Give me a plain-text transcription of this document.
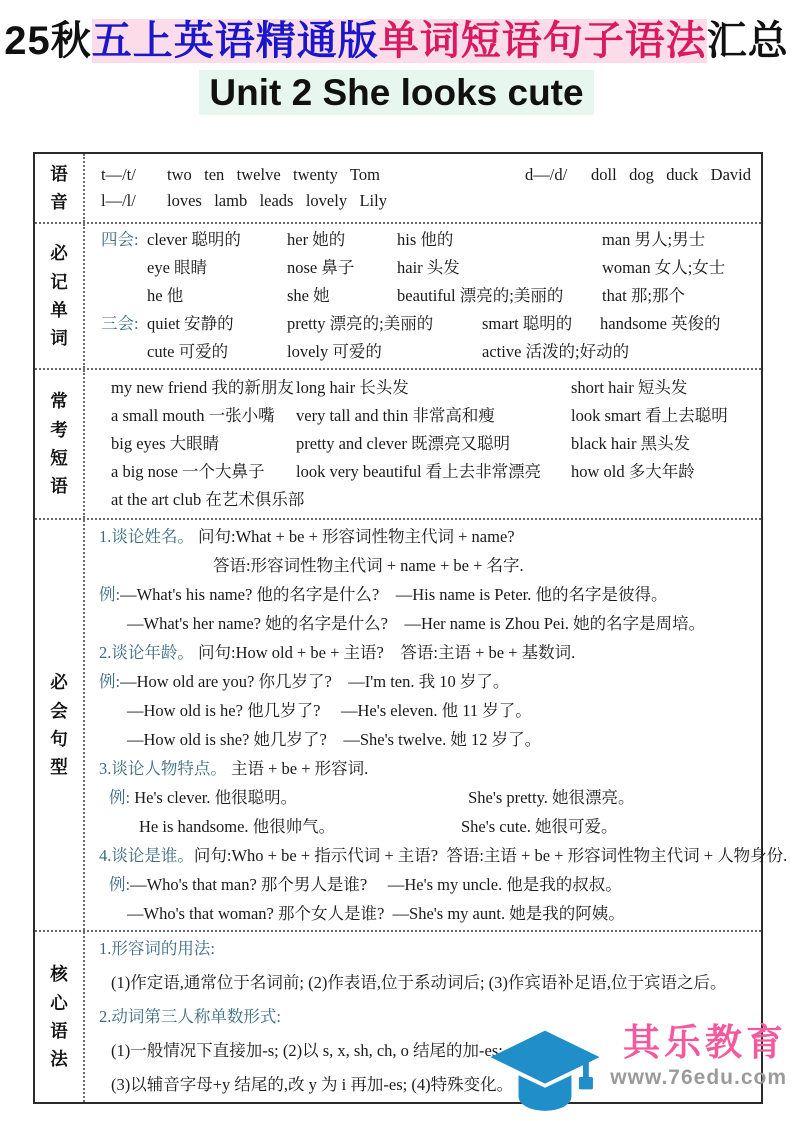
25秋五上英语精通版单词短语句子语法汇总
Unit 2 She looks cute
语音
t—/t/	two   ten   twelve   twenty   Tom	d—/d/	doll   dog   duck   David
l—/l/	loves   lamb   leads   lovely   Lily
必记单词
四会: clever 聪明的	her 她的	his 他的	man 男人;男士
eye 眼睛	nose 鼻子	hair 头发	woman 女人;女士
he 他	she 她	beautiful 漂亮的;美丽的	that 那;那个
三会: quiet 安静的	pretty 漂亮的;美丽的	smart 聪明的	handsome 英俊的
cute 可爱的	lovely 可爱的	active 活泼的;好动的
常考短语
my new friend 我的新朋友 long hair 长头发	short hair 短头发
a small mouth 一张小嘴	very tall and thin 非常高和瘦	look smart 看上去聪明
big eyes 大眼睛	pretty and clever 既漂亮又聪明	black hair 黑头发
a big nose 一个大鼻子	look very beautiful 看上去非常漂亮	how old 多大年龄
at the art club 在艺术俱乐部
必会句型
1.谈论姓名。 问句:What + be + 形容词性物主代词 + name?
答语:形容词性物主代词 + name + be + 名字.
例: —What's his name? 他的名字是什么?    —His name is Peter. 他的名字是彼得。
—What's her name? 她的名字是什么?    —Her name is Zhou Pei. 她的名字是周培。
2.谈论年龄。 问句:How old + be + 主语?    答语:主语 + be + 基数词.
例: —How old are you? 你几岁了?    —I'm ten. 我 10 岁了。
—How old is he? 他几岁了?     —He's eleven. 他 11 岁了。
—How old is she? 她几岁了?    —She's twelve. 她 12 岁了。
3.谈论人物特点。 主语 + be + 形容词.
例: He's clever. 他很聪明。	She's pretty. 她很漂亮。
He is handsome. 他很帅气。	She's cute. 她很可爱。
4.谈论是谁。 问句:Who + be + 指示代词 + 主语?  答语:主语 + be + 形容词性物主代词 + 人物身份.
例: —Who's that man? 那个男人是谁?     —He's my uncle. 他是我的叔叔。
—Who's that woman? 那个女人是谁?  —She's my aunt. 她是我的阿姨。
核心语法
1.形容词的用法:
(1)作定语,通常位于名词前; (2)作表语,位于系动词后; (3)作宾语补足语,位于宾语之后。
2.动词第三人称单数形式:
(1)一般情况下直接加-s; (2)以 s, x, sh, ch, o 结尾的加-es;
(3)以辅音字母+y 结尾的,改 y 为 i 再加-es; (4)特殊变化。
其乐教育
www.76edu.com
